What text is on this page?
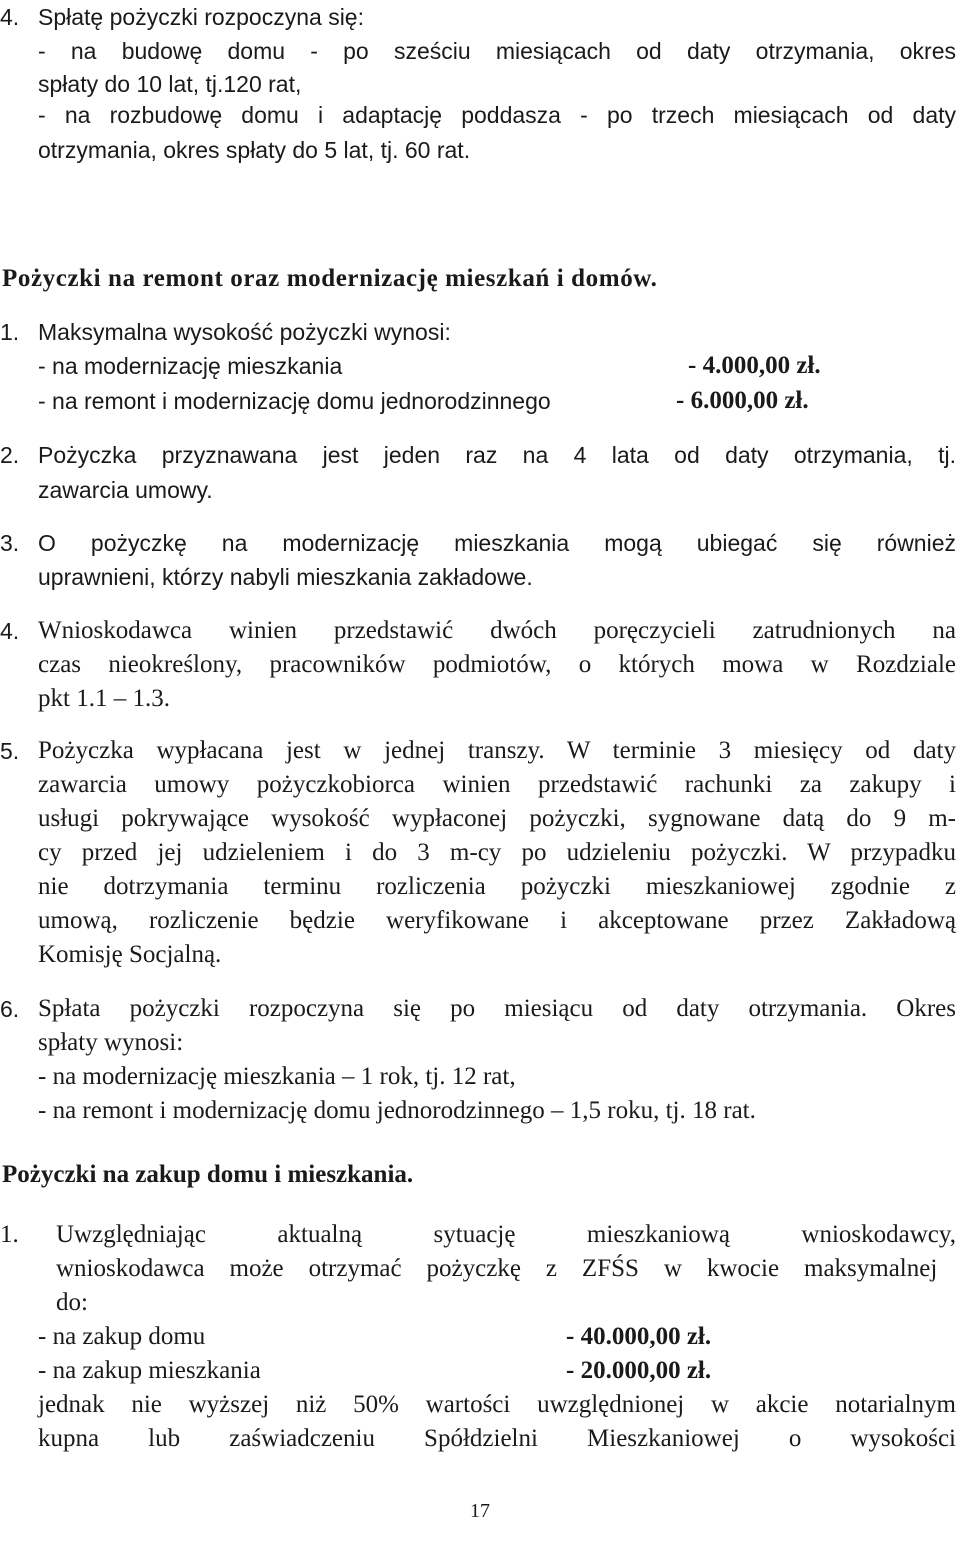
4. Spłatę pożyczki rozpoczyna się:
- na budowę domu - po sześciu miesiącach od daty otrzymania, okres
spłaty do 10 lat, tj.120 rat,
- na rozbudowę domu i adaptację poddasza - po trzech miesiącach od daty
otrzymania, okres spłaty do 5 lat, tj. 60 rat.
Pożyczki na remont oraz modernizację mieszkań i domów.
1. Maksymalna wysokość pożyczki wynosi:
- na modernizację mieszkania	- 4.000,00 zł.
- na remont i modernizację domu jednorodzinnego	- 6.000,00 zł.
2. Pożyczka przyznawana jest jeden raz na 4 lata od daty otrzymania, tj.
zawarcia umowy.
3. O pożyczkę na modernizację mieszkania mogą ubiegać się również
uprawnieni, którzy nabyli mieszkania zakładowe.
4. Wnioskodawca winien przedstawić dwóch poręczycieli zatrudnionych na
czas nieokreślony, pracowników podmiotów, o których mowa w Rozdziale
pkt 1.1 – 1.3.
5. Pożyczka wypłacana jest w jednej transzy. W terminie 3 miesięcy od daty
zawarcia umowy pożyczkobiorca winien przedstawić rachunki za zakupy i
usługi pokrywające wysokość wypłaconej pożyczki, sygnowane datą do 9 m-
cy przed jej udzieleniem i do 3 m-cy po udzieleniu pożyczki. W przypadku
nie dotrzymania terminu rozliczenia pożyczki mieszkaniowej zgodnie z
umową, rozliczenie będzie weryfikowane i akceptowane przez Zakładową
Komisję Socjalną.
6. Spłata pożyczki rozpoczyna się po miesiącu od daty otrzymania. Okres
spłaty wynosi:
- na modernizację mieszkania – 1 rok, tj. 12 rat,
- na remont i modernizację domu jednorodzinnego – 1,5 roku, tj. 18 rat.
Pożyczki na zakup domu i mieszkania.
1. Uwzględniając aktualną sytuację mieszkaniową wnioskodawcy,
wnioskodawca może otrzymać pożyczkę z ZFŚS w kwocie maksymalnej
do:
- na zakup domu	- 40.000,00 zł.
- na zakup mieszkania	- 20.000,00 zł.
jednak nie wyższej niż 50% wartości uwzględnionej w akcie notarialnym
kupna lub zaświadczeniu Spółdzielni Mieszkaniowej o wysokości
17
